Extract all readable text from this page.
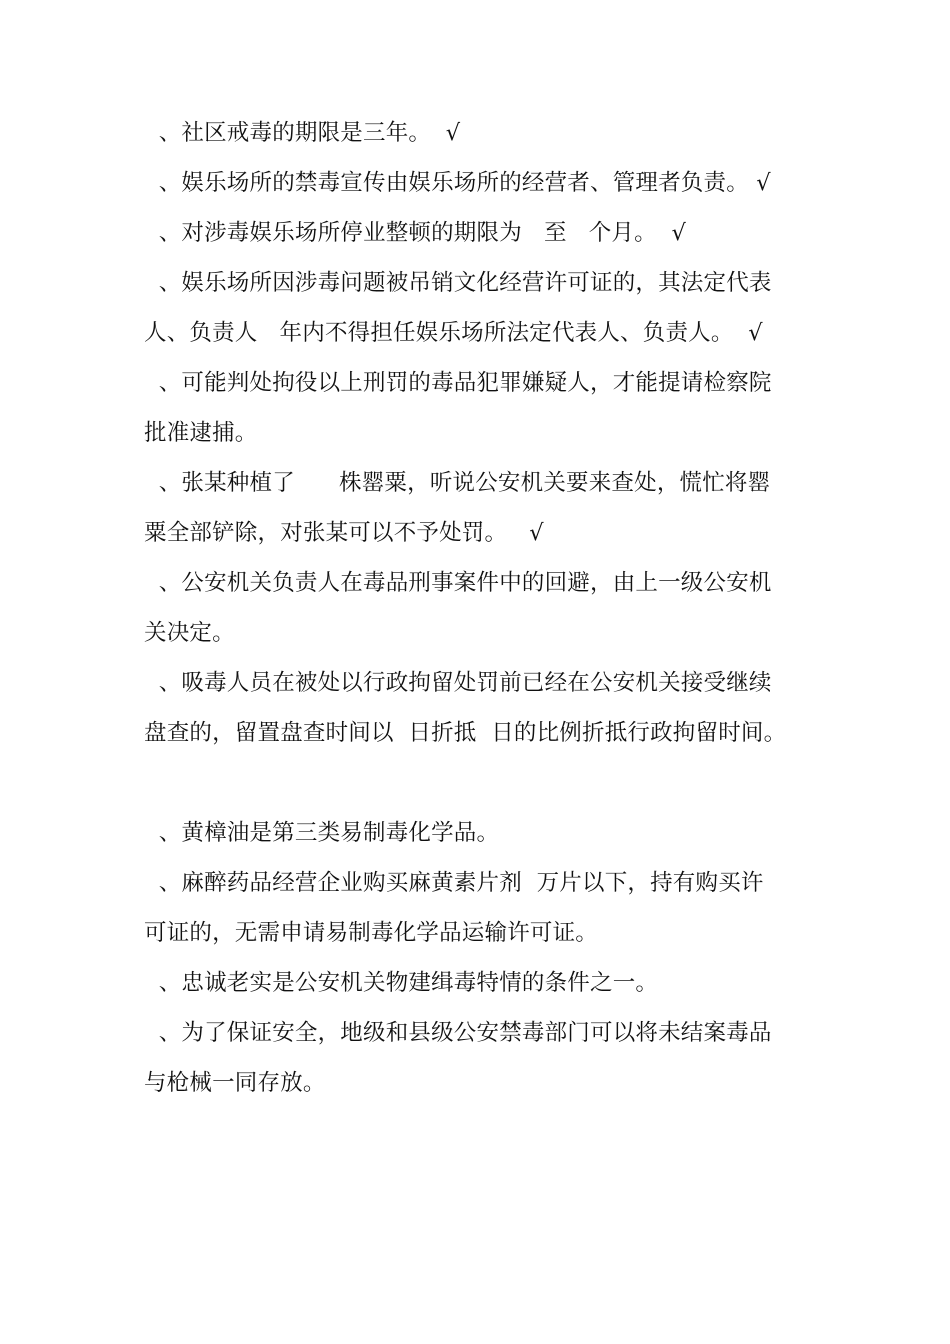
、社区戒毒的期限是三年。  √
、娱乐场所的禁毒宣传由娱乐场所的经营者、管理者负责。 √
、对涉毒娱乐场所停业整顿的期限为   至   个月。  √
、娱乐场所因涉毒问题被吊销文化经营许可证的，其法定代表
人、负责人   年内不得担任娱乐场所法定代表人、负责人。  √
、可能判处拘役以上刑罚的毒品犯罪嫌疑人，才能提请检察院
批准逮捕。
、张某种植了      株罂粟，听说公安机关要来查处，慌忙将罂
粟全部铲除，对张某可以不予处罚。   √
、公安机关负责人在毒品刑事案件中的回避，由上一级公安机
关决定。
、吸毒人员在被处以行政拘留处罚前已经在公安机关接受继续
盘查的，留置盘查时间以  日折抵  日的比例折抵行政拘留时间。
、黄樟油是第三类易制毒化学品。
、麻醉药品经营企业购买麻黄素片剂  万片以下，持有购买许
可证的，无需申请易制毒化学品运输许可证。
、忠诚老实是公安机关物建缉毒特情的条件之一。
、为了保证安全，地级和县级公安禁毒部门可以将未结案毒品
与枪械一同存放。
